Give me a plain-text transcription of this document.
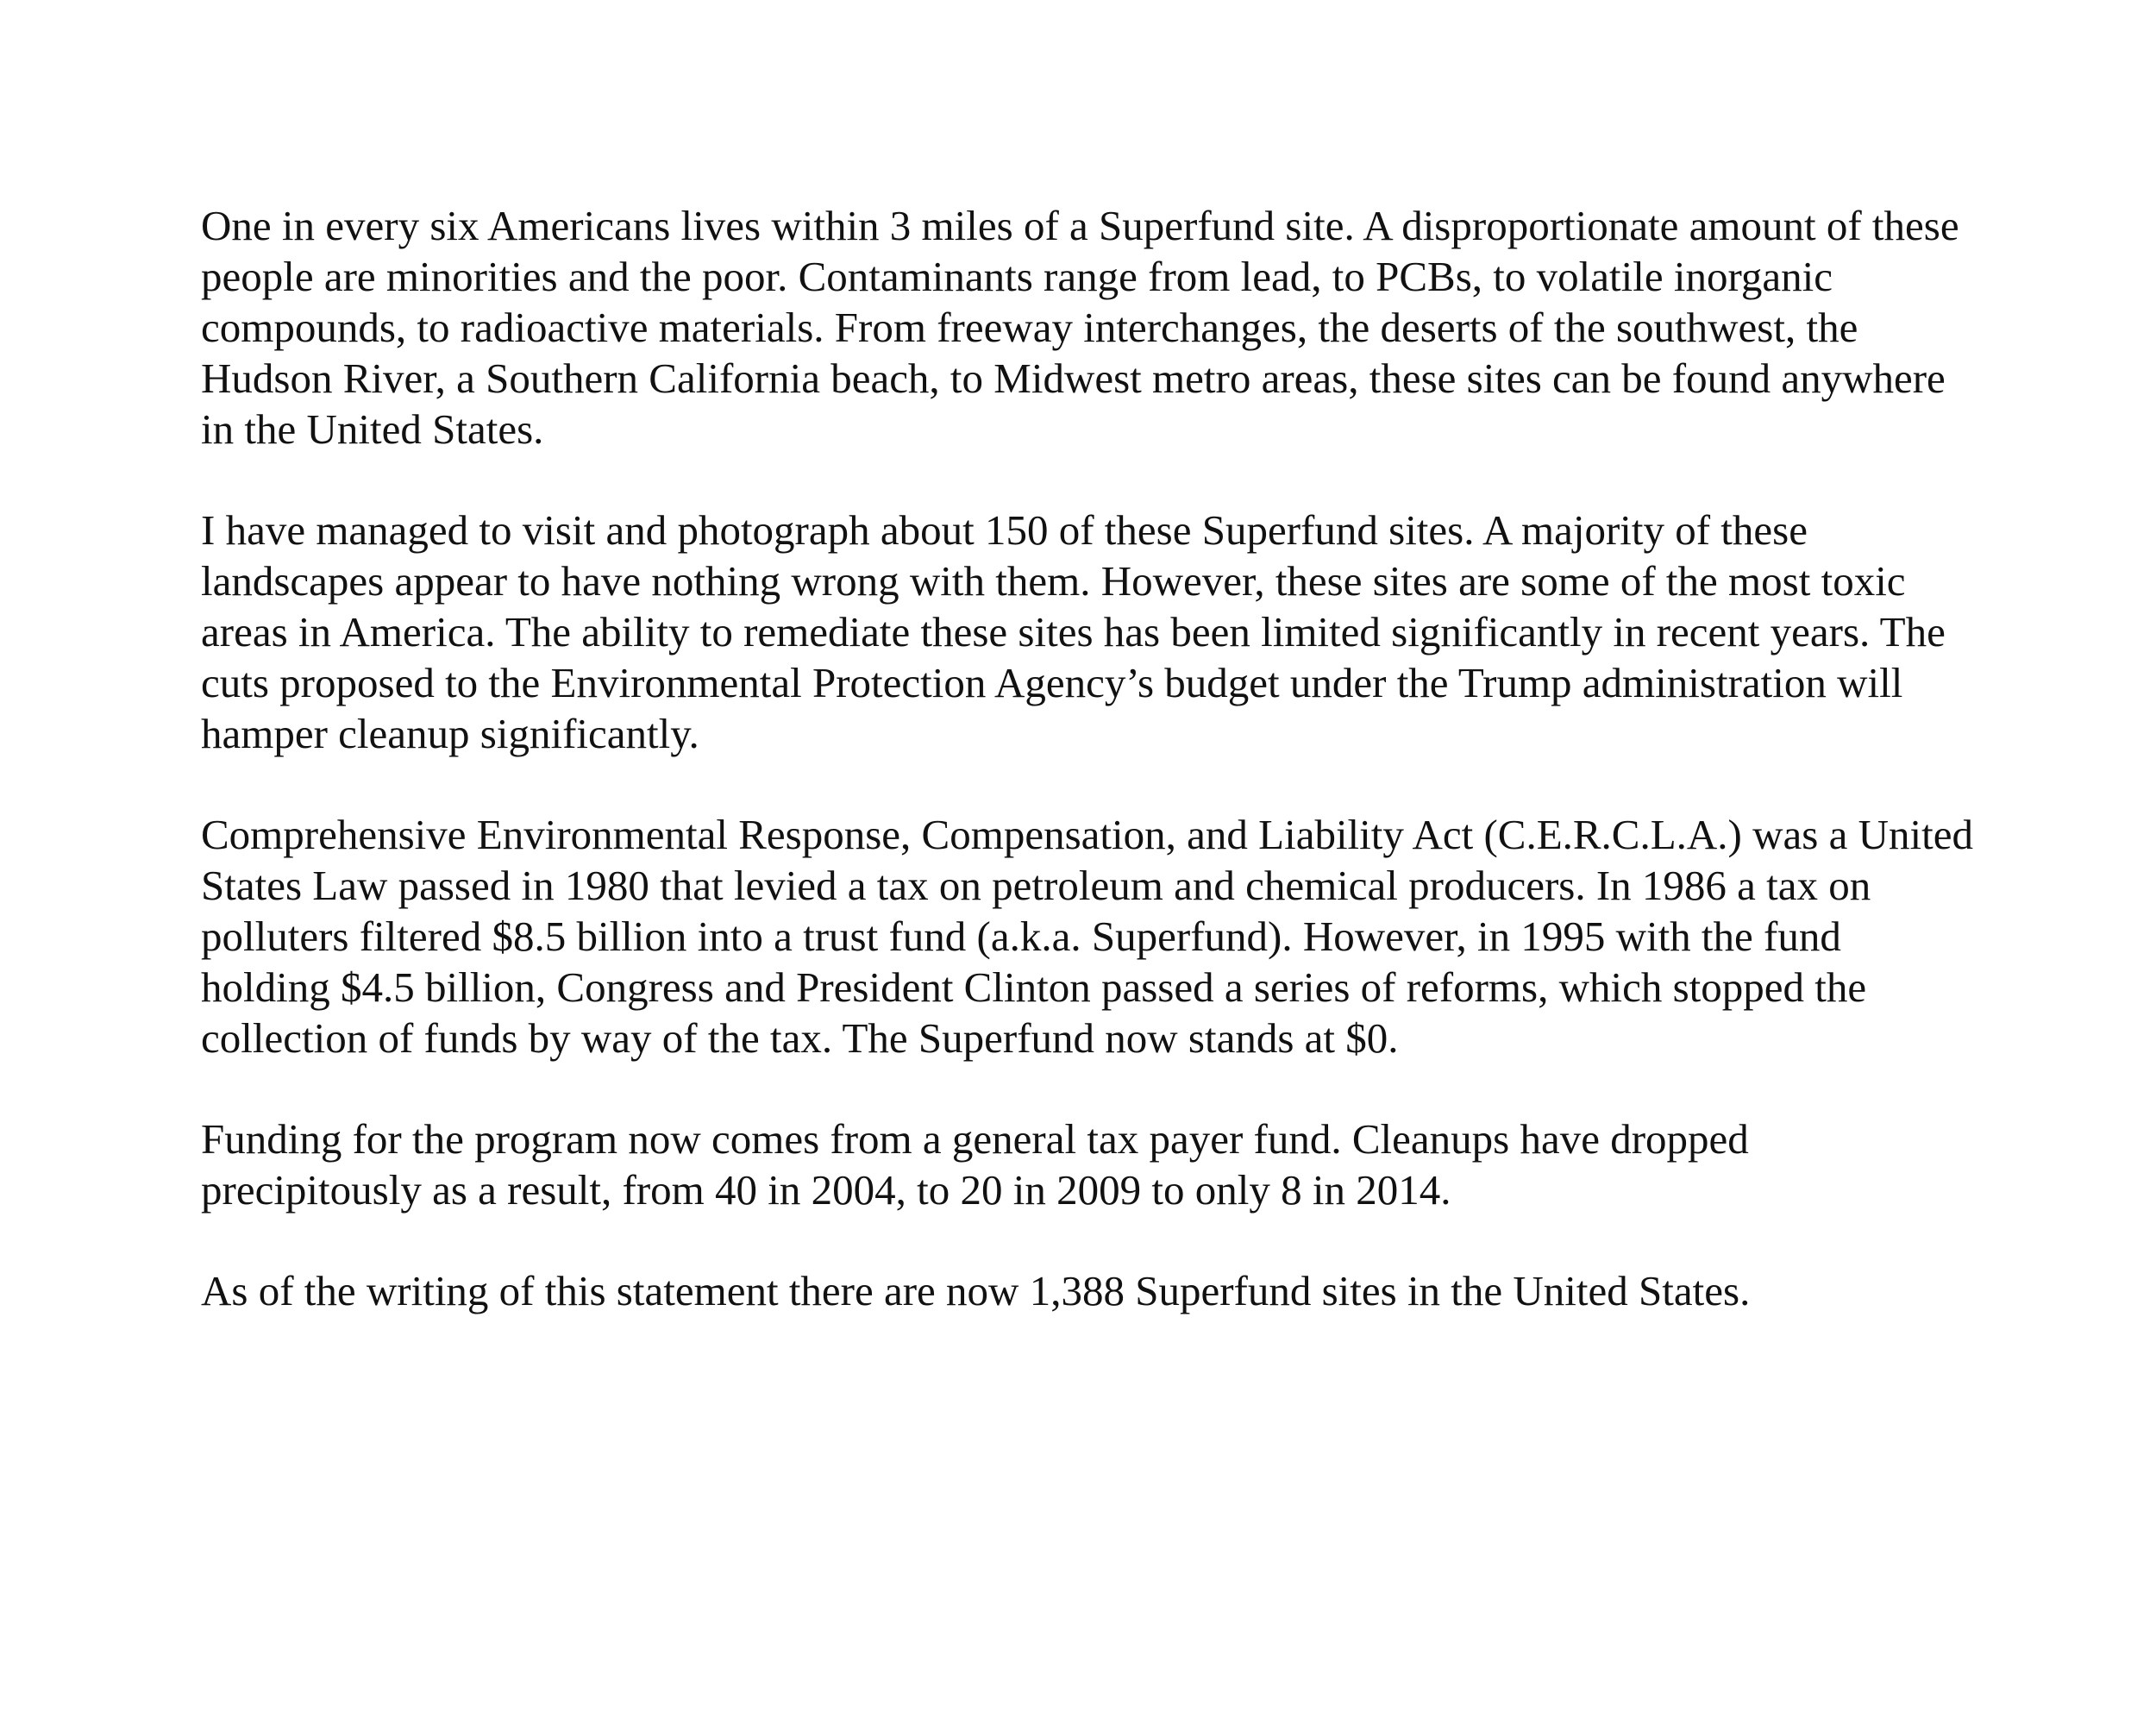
One in every six Americans lives within 3 miles of a Superfund site. A disproportionate amount of these
people are minorities and the poor. Contaminants range from lead, to PCBs, to volatile inorganic
compounds, to radioactive materials. From freeway interchanges, the deserts of the southwest, the
Hudson River, a Southern California beach, to Midwest metro areas, these sites can be found anywhere
in the United States.

I have managed to visit and photograph about 150 of these Superfund sites. A majority of these
landscapes appear to have nothing wrong with them. However, these sites are some of the most toxic
areas in America. The ability to remediate these sites has been limited significantly in recent years. The
cuts proposed to the Environmental Protection Agency’s budget under the Trump administration will
hamper cleanup significantly.

Comprehensive Environmental Response, Compensation, and Liability Act (C.E.R.C.L.A.) was a United
States Law passed in 1980 that levied a tax on petroleum and chemical producers. In 1986 a tax on
polluters filtered $8.5 billion into a trust fund (a.k.a. Superfund). However, in 1995 with the fund
holding $4.5 billion, Congress and President Clinton passed a series of reforms, which stopped the
collection of funds by way of the tax. The Superfund now stands at $0.

Funding for the program now comes from a general tax payer fund. Cleanups have dropped
precipitously as a result, from 40 in 2004, to 20 in 2009 to only 8 in 2014.

As of the writing of this statement there are now 1,388 Superfund sites in the United States.
